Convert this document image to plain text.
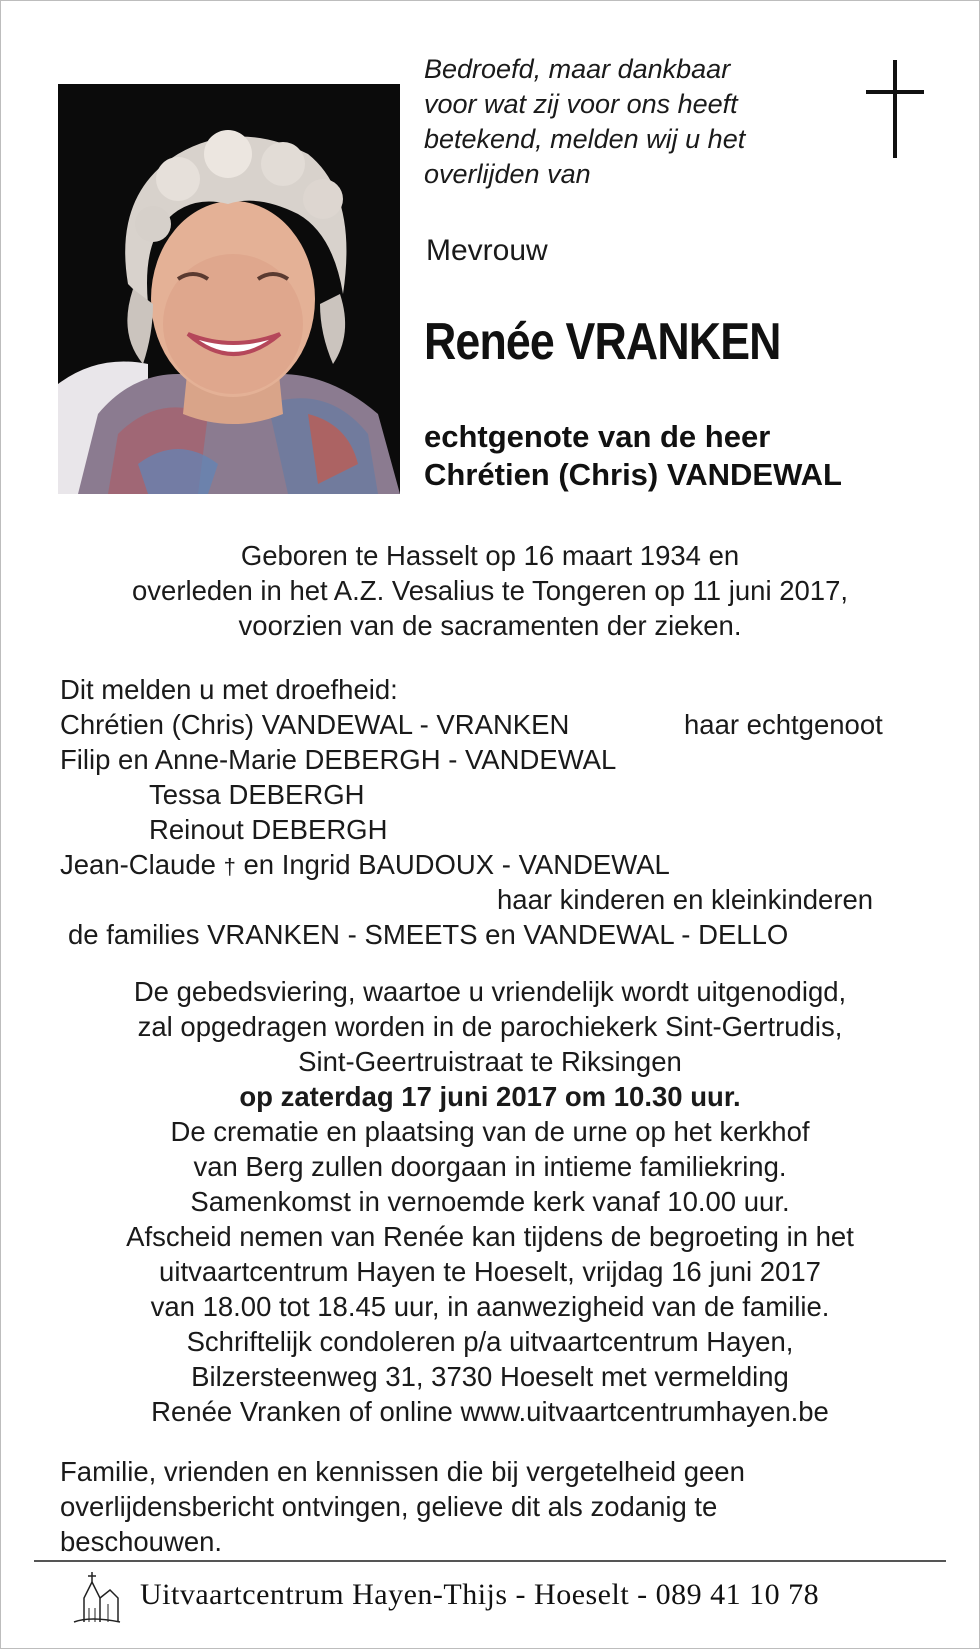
Bedroefd, maar dankbaar
voor wat zij voor ons heeft
betekend, melden wij u het
overlijden van
Mevrouw
Renée VRANKEN
echtgenote van de heer
Chrétien (Chris) VANDEWAL
Geboren te Hasselt op 16 maart 1934 en
overleden in het A.Z. Vesalius te Tongeren op 11 juni 2017,
voorzien van de sacramenten der zieken.
Dit melden u met droefheid:
Chrétien (Chris) VANDEWAL - VRANKEN	haar echtgenoot
Filip en Anne-Marie DEBERGH - VANDEWAL
Tessa DEBERGH
Reinout DEBERGH
Jean-Claude † en Ingrid BAUDOUX - VANDEWAL
haar kinderen en kleinkinderen
de families VRANKEN - SMEETS en VANDEWAL - DELLO
De gebedsviering, waartoe u vriendelijk wordt uitgenodigd,
zal opgedragen worden in de parochiekerk Sint-Gertrudis,
Sint-Geertruistraat te Riksingen
op zaterdag 17 juni 2017 om 10.30 uur.
De crematie en plaatsing van de urne op het kerkhof
van Berg zullen doorgaan in intieme familiekring.
Samenkomst in vernoemde kerk vanaf 10.00 uur.
Afscheid nemen van Renée kan tijdens de begroeting in het
uitvaartcentrum Hayen te Hoeselt, vrijdag 16 juni 2017
van 18.00 tot 18.45 uur, in aanwezigheid van de familie.
Schriftelijk condoleren p/a uitvaartcentrum Hayen,
Bilzersteenweg 31, 3730 Hoeselt met vermelding
Renée Vranken of online www.uitvaartcentrumhayen.be
Familie, vrienden en kennissen die bij vergetelheid geen
overlijdensbericht ontvingen, gelieve dit als zodanig te
beschouwen.
Uitvaartcentrum Hayen-Thijs - Hoeselt - 089 41 10 78
